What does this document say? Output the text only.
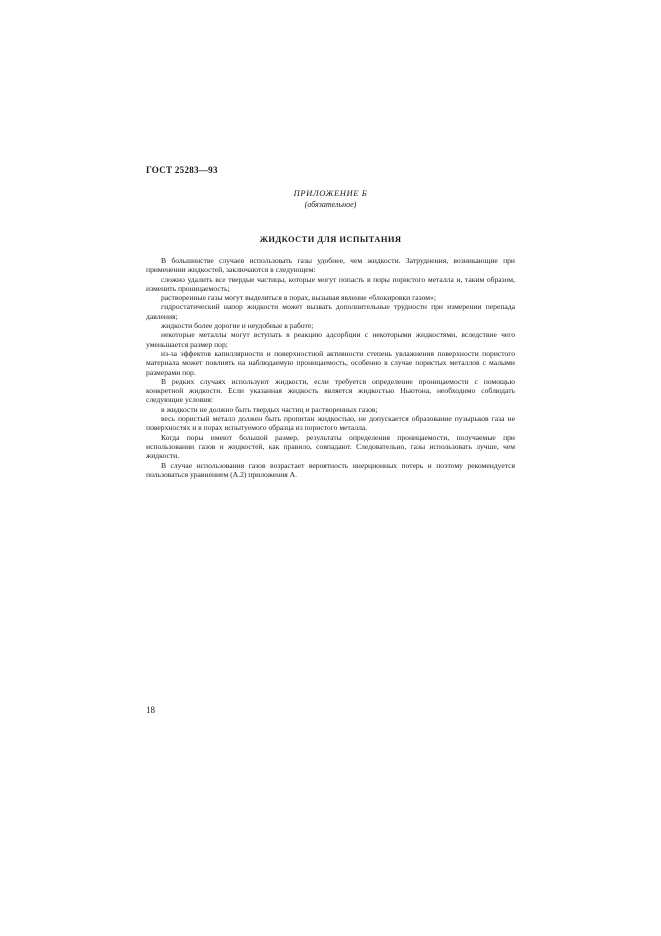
ГОСТ 25283—93
ПРИЛОЖЕНИЕ Б
(обязательное)
ЖИДКОСТИ ДЛЯ ИСПЫТАНИЯ

В большинстве случаев использовать газы удобнее, чем жидкости. Затруднения, возникающие при применении жидкостей, заключаются в следующем:

сложно удалить все твердые частицы, которые могут попасть в поры пористого металла и, таким образом, изменить проницаемость;

растворенные газы могут выделяться в порах, вызывая явление «блокировки газом»;

гидростатический напор жидкости может вызвать дополнительные трудности при измерении перепада давления;

жидкости более дорогие и неудобные в работе;

некоторые металлы могут вступать в реакцию адсорбции с некоторыми жидкостями, вследствие чего уменьшается размер пор;

из-за эффектов капиллярности и поверхностной активности степень увлажнения поверхности пористого материала может повлиять на наблюдаемую проницаемость, особенно в случае пористых металлов с малыми размерами пор.

В редких случаях используют жидкости, если требуется определение проницаемости с помощью конкретной жидкости. Если указанная жидкость является жидкостью Ньютона, необходимо соблюдать следующие условия:

в жидкости не должно быть твердых частиц и растворенных газов;

весь пористый металл должен быть пропитан жидкостью, не допускается образование пузырьков газа не поверхностях и в порах испытуемого образца из пористого металла.

Когда поры имеют большой размер, результаты определения проницаемости, получаемые при использовании газов и жидкостей, как правило, совпадают. Следовательно, газы использовать лучше, чем жидкости.

В случае использования газов возрастает вероятность инерционных потерь и поэтому рекомендуется пользоваться уравнением (А.2) приложения А.

18
